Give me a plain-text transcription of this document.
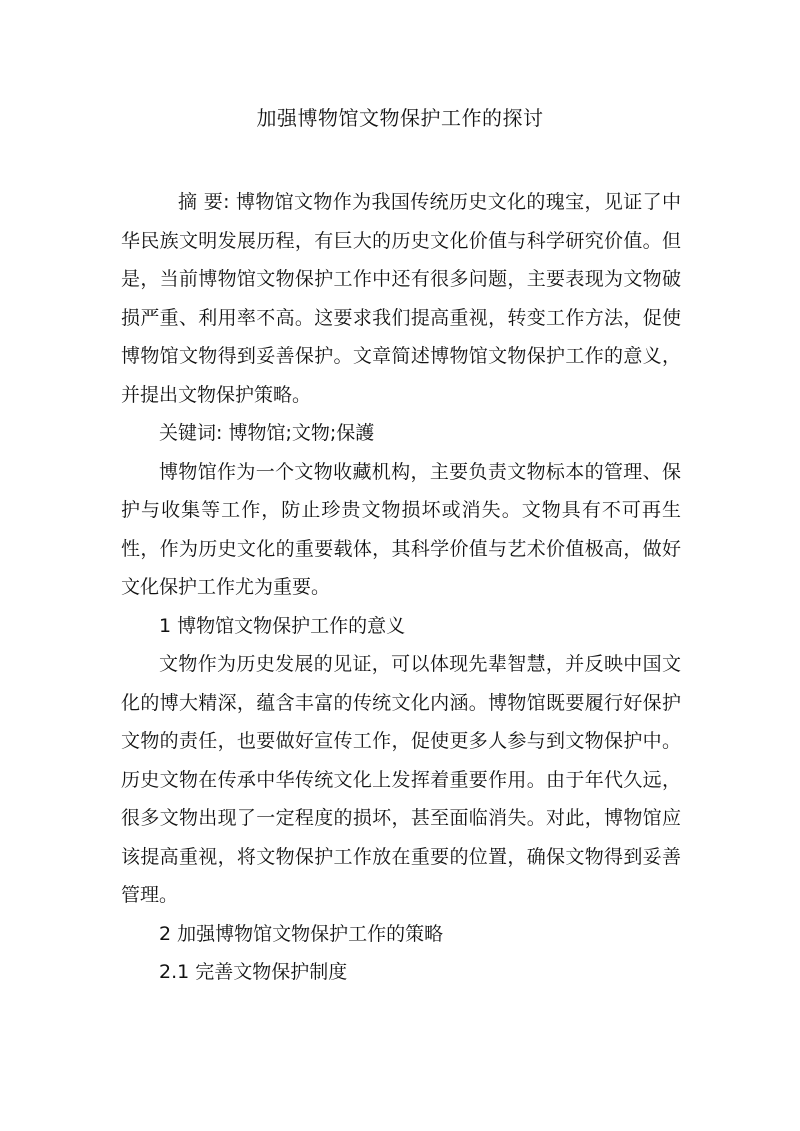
加强博物馆文物保护工作的探讨

摘 要: 博物馆文物作为我国传统历史文化的瑰宝，见证了中华民族文明发展历程，有巨大的历史文化价值与科学研究价值。但是，当前博物馆文物保护工作中还有很多问题，主要表现为文物破损严重、利用率不高。这要求我们提高重视，转变工作方法，促使博物馆文物得到妥善保护。文章简述博物馆文物保护工作的意义，并提出文物保护策略。

关键词: 博物馆;文物;保護

博物馆作为一个文物收藏机构，主要负责文物标本的管理、保护与收集等工作，防止珍贵文物损坏或消失。文物具有不可再生性，作为历史文化的重要载体，其科学价值与艺术价值极高，做好文化保护工作尤为重要。

1 博物馆文物保护工作的意义

文物作为历史发展的见证，可以体现先辈智慧，并反映中国文化的博大精深，蕴含丰富的传统文化内涵。博物馆既要履行好保护文物的责任，也要做好宣传工作，促使更多人参与到文物保护中。历史文物在传承中华传统文化上发挥着重要作用。由于年代久远，很多文物出现了一定程度的损坏，甚至面临消失。对此，博物馆应该提高重视，将文物保护工作放在重要的位置，确保文物得到妥善管理。

2 加强博物馆文物保护工作的策略

2.1 完善文物保护制度
